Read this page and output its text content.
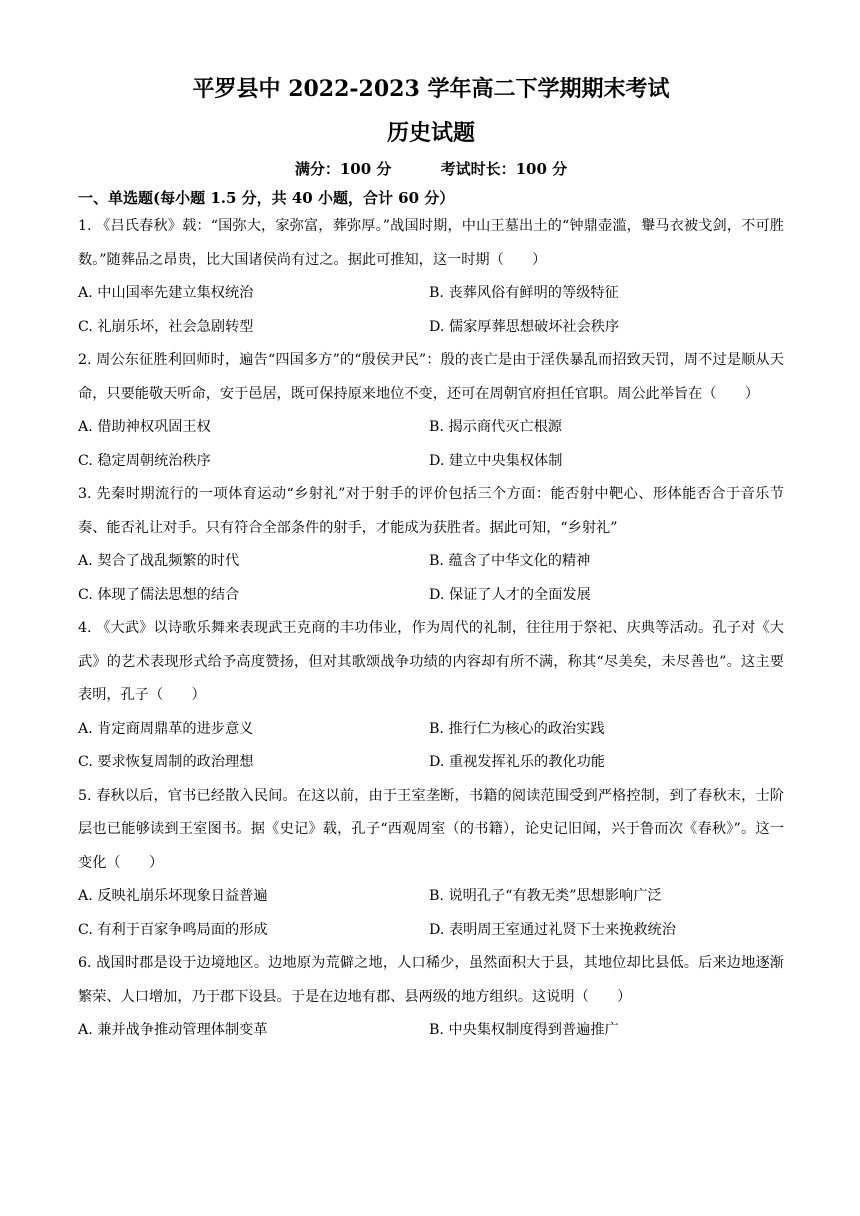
平罗县中 2022-2023 学年高二下学期期末考试
历史试题
满分：100 分	考试时长：100 分
一、单选题(每小题 1.5 分，共 40 小题，合计 60 分）
1. 《吕氏春秋》载：“国弥大，家弥富，葬弥厚。”战国时期，中山王墓出土的“钟鼎壶滥，轝马衣被戈剑，不可胜数。”随葬品之昂贵，比大国诸侯尚有过之。据此可推知，这一时期（　　）
A. 中山国率先建立集权统治	B. 丧葬风俗有鲜明的等级特征
C. 礼崩乐坏，社会急剧转型	D. 儒家厚葬思想破坏社会秩序
2. 周公东征胜利回师时，遍告“四国多方”的“殷侯尹民”：殷的丧亡是由于淫佚暴乱而招致天罚，周不过是顺从天命，只要能敬天听命，安于邑居，既可保持原来地位不变，还可在周朝官府担任官职。周公此举旨在（　　）
A. 借助神权巩固王权	B. 揭示商代灭亡根源
C. 稳定周朝统治秩序	D. 建立中央集权体制
3. 先秦时期流行的一项体育运动“乡射礼”对于射手的评价包括三个方面：能否射中靶心、形体能否合于音乐节奏、能否礼让对手。只有符合全部条件的射手，才能成为获胜者。据此可知，“乡射礼”
A. 契合了战乱频繁的时代	B. 蕴含了中华文化的精神
C. 体现了儒法思想的结合	D. 保证了人才的全面发展
4. 《大武》以诗歌乐舞来表现武王克商的丰功伟业，作为周代的礼制，往往用于祭祀、庆典等活动。孔子对《大武》的艺术表现形式给予高度赞扬，但对其歌颂战争功绩的内容却有所不满，称其“尽美矣，未尽善也”。这主要表明，孔子（　　）
A. 肯定商周鼎革的进步意义	B. 推行仁为核心的政治实践
C. 要求恢复周制的政治理想	D. 重视发挥礼乐的教化功能
5. 春秋以后，官书已经散入民间。在这以前，由于王室垄断，书籍的阅读范围受到严格控制，到了春秋末，士阶层也已能够读到王室图书。据《史记》载，孔子“西观周室（的书籍），论史记旧闻，兴于鲁而次《春秋》”。这一变化（　　）
A. 反映礼崩乐坏现象日益普遍	B. 说明孔子“有教无类”思想影响广泛
C. 有利于百家争鸣局面的形成	D. 表明周王室通过礼贤下士来挽救统治
6. 战国时郡是设于边境地区。边地原为荒僻之地，人口稀少，虽然面积大于县，其地位却比县低。后来边地逐渐繁荣、人口增加，乃于郡下设县。于是在边地有郡、县两级的地方组织。这说明（　　）
A. 兼并战争推动管理体制变革	B. 中央集权制度得到普遍推广
